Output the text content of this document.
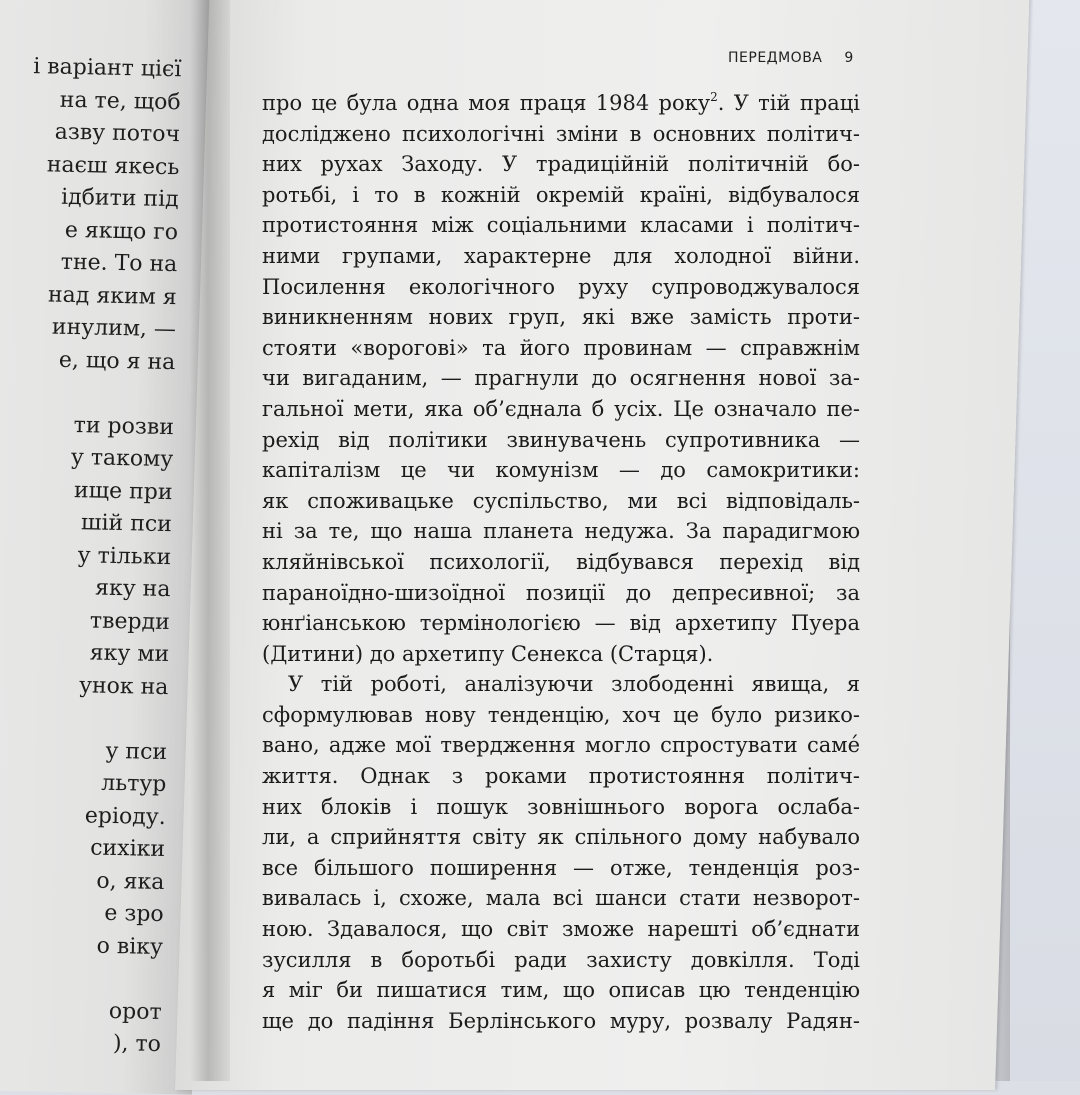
і варіант цієї
на те, щоб
азву поточ
наєш якесь
ідбити під
е якщо го
тне. То на
над яким я
инулим, —
е, що я на

ти розви
у такому
ище при
шій пси
у тільки
яку на
тверди
яку ми
унок на

у пси
льтур
еріоду.
сихіки
о, яка
е зро
о віку

орот
), то
ПЕРЕДМОВА 9
про це була одна моя праця 1984 року$^2$. У тій праці
досліджено психологічні зміни в основних політич-
них рухах Заходу. У традиційній політичній бо-
ротьбі, і то в кожній окремій країні, відбувалося
протистояння між соціальними класами і політич-
ними групами, характерне для холодної війни.
Посилення екологічного руху супроводжувалося
виникненням нових груп, які вже замість проти-
стояти «ворогові» та його провинам — справжнім
чи вигаданим, — прагнули до осягнення нової за-
гальної мети, яка об’єднала б усіх. Це означало пе-
рехід від політики звинувачень супротивника —
капіталізм це чи комунізм — до самокритики:
як споживацьке суспільство, ми всі відповідаль-
ні за те, що наша планета недужа. За парадигмою
кляйнівської психології, відбувався перехід від
параноїдно-шизоїдної позиції до депресивної; за
юнґіанською термінологією — від архетипу Пуера
(Дитини) до архетипу Сенекса (Старця).
У тій роботі, аналізуючи злободенні явища, я
сформулював нову тенденцію, хоч це було ризико-
вано, адже мої твердження могло спростувати саме́
життя. Однак з роками протистояння політич-
них блоків і пошук зовнішнього ворога ослаба-
ли, а сприйняття світу як спільного дому набувало
все більшого поширення — отже, тенденція роз-
вивалась і, схоже, мала всі шанси стати незворот-
ною. Здавалося, що світ зможе нарешті об’єднати
зусилля в боротьбі ради захисту довкілля. Тоді
я міг би пишатися тим, що описав цю тенденцію
ще до падіння Берлінського муру, розвалу Радян-
